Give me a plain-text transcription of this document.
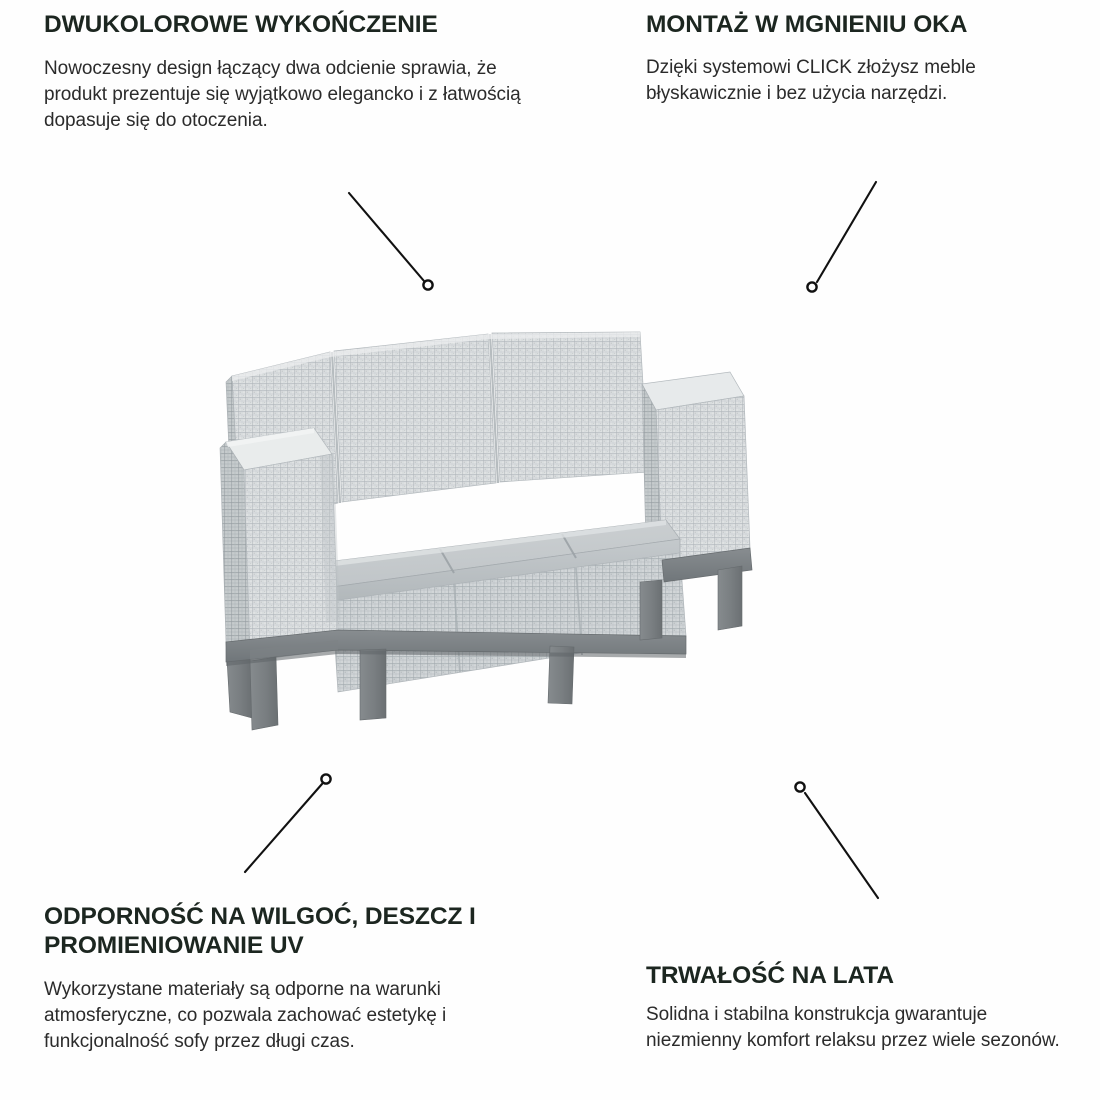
DWUKOLOROWE WYKOŃCZENIE

Nowoczesny design łączący dwa odcienie sprawia, że produkt prezentuje się wyjątkowo elegancko i z łatwością dopasuje się do otoczenia.

MONTAŻ W MGNIENIU OKA

Dzięki systemowi CLICK złożysz meble błyskawicznie i bez użycia narzędzi.

ODPORNOŚĆ NA WILGOĆ, DESZCZ I PROMIENIOWANIE UV

Wykorzystane materiały są odporne na warunki atmosferyczne, co pozwala zachować estetykę i funkcjonalność sofy przez długi czas.

TRWAŁOŚĆ NA LATA

Solidna i stabilna konstrukcja gwarantuje niezmienny komfort relaksu przez wiele sezonów.
